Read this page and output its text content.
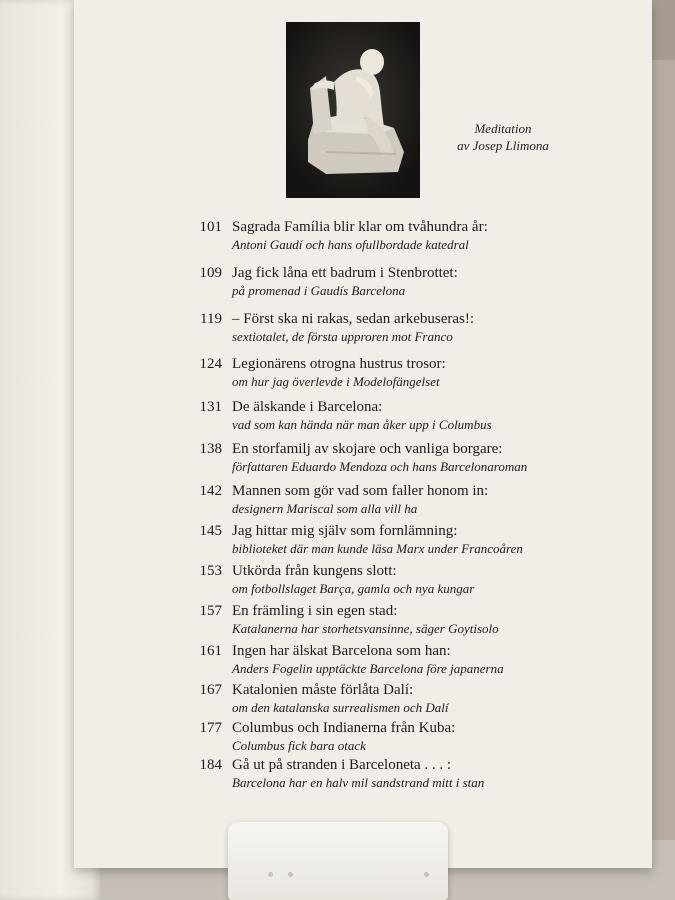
Meditation
av Josep Llimona
101 Sagrada Família blir klar om tvåhundra år:
Antoni Gaudí och hans ofullbordade katedral
109 Jag fick låna ett badrum i Stenbrottet:
på promenad i Gaudís Barcelona
119 – Först ska ni rakas, sedan arkebuseras!:
sextiotalet, de första upproren mot Franco
124 Legionärens otrogna hustrus trosor:
om hur jag överlevde i Modelofängelset
131 De älskande i Barcelona:
vad som kan hända när man åker upp i Columbus
138 En storfamilj av skojare och vanliga borgare:
författaren Eduardo Mendoza och hans Barcelonaroman
142 Mannen som gör vad som faller honom in:
designern Mariscal som alla vill ha
145 Jag hittar mig själv som fornlämning:
biblioteket där man kunde läsa Marx under Francoåren
153 Utkörda från kungens slott:
om fotbollslaget Barça, gamla och nya kungar
157 En främling i sin egen stad:
Katalanerna har storhetsvansinne, säger Goytisolo
161 Ingen har älskat Barcelona som han:
Anders Fogelin upptäckte Barcelona före japanerna
167 Katalonien måste förlåta Dalí:
om den katalanska surrealismen och Dalí
177 Columbus och Indianerna från Kuba:
Columbus fick bara otack
184 Gå ut på stranden i Barceloneta . . . :
Barcelona har en halv mil sandstrand mitt i stan
